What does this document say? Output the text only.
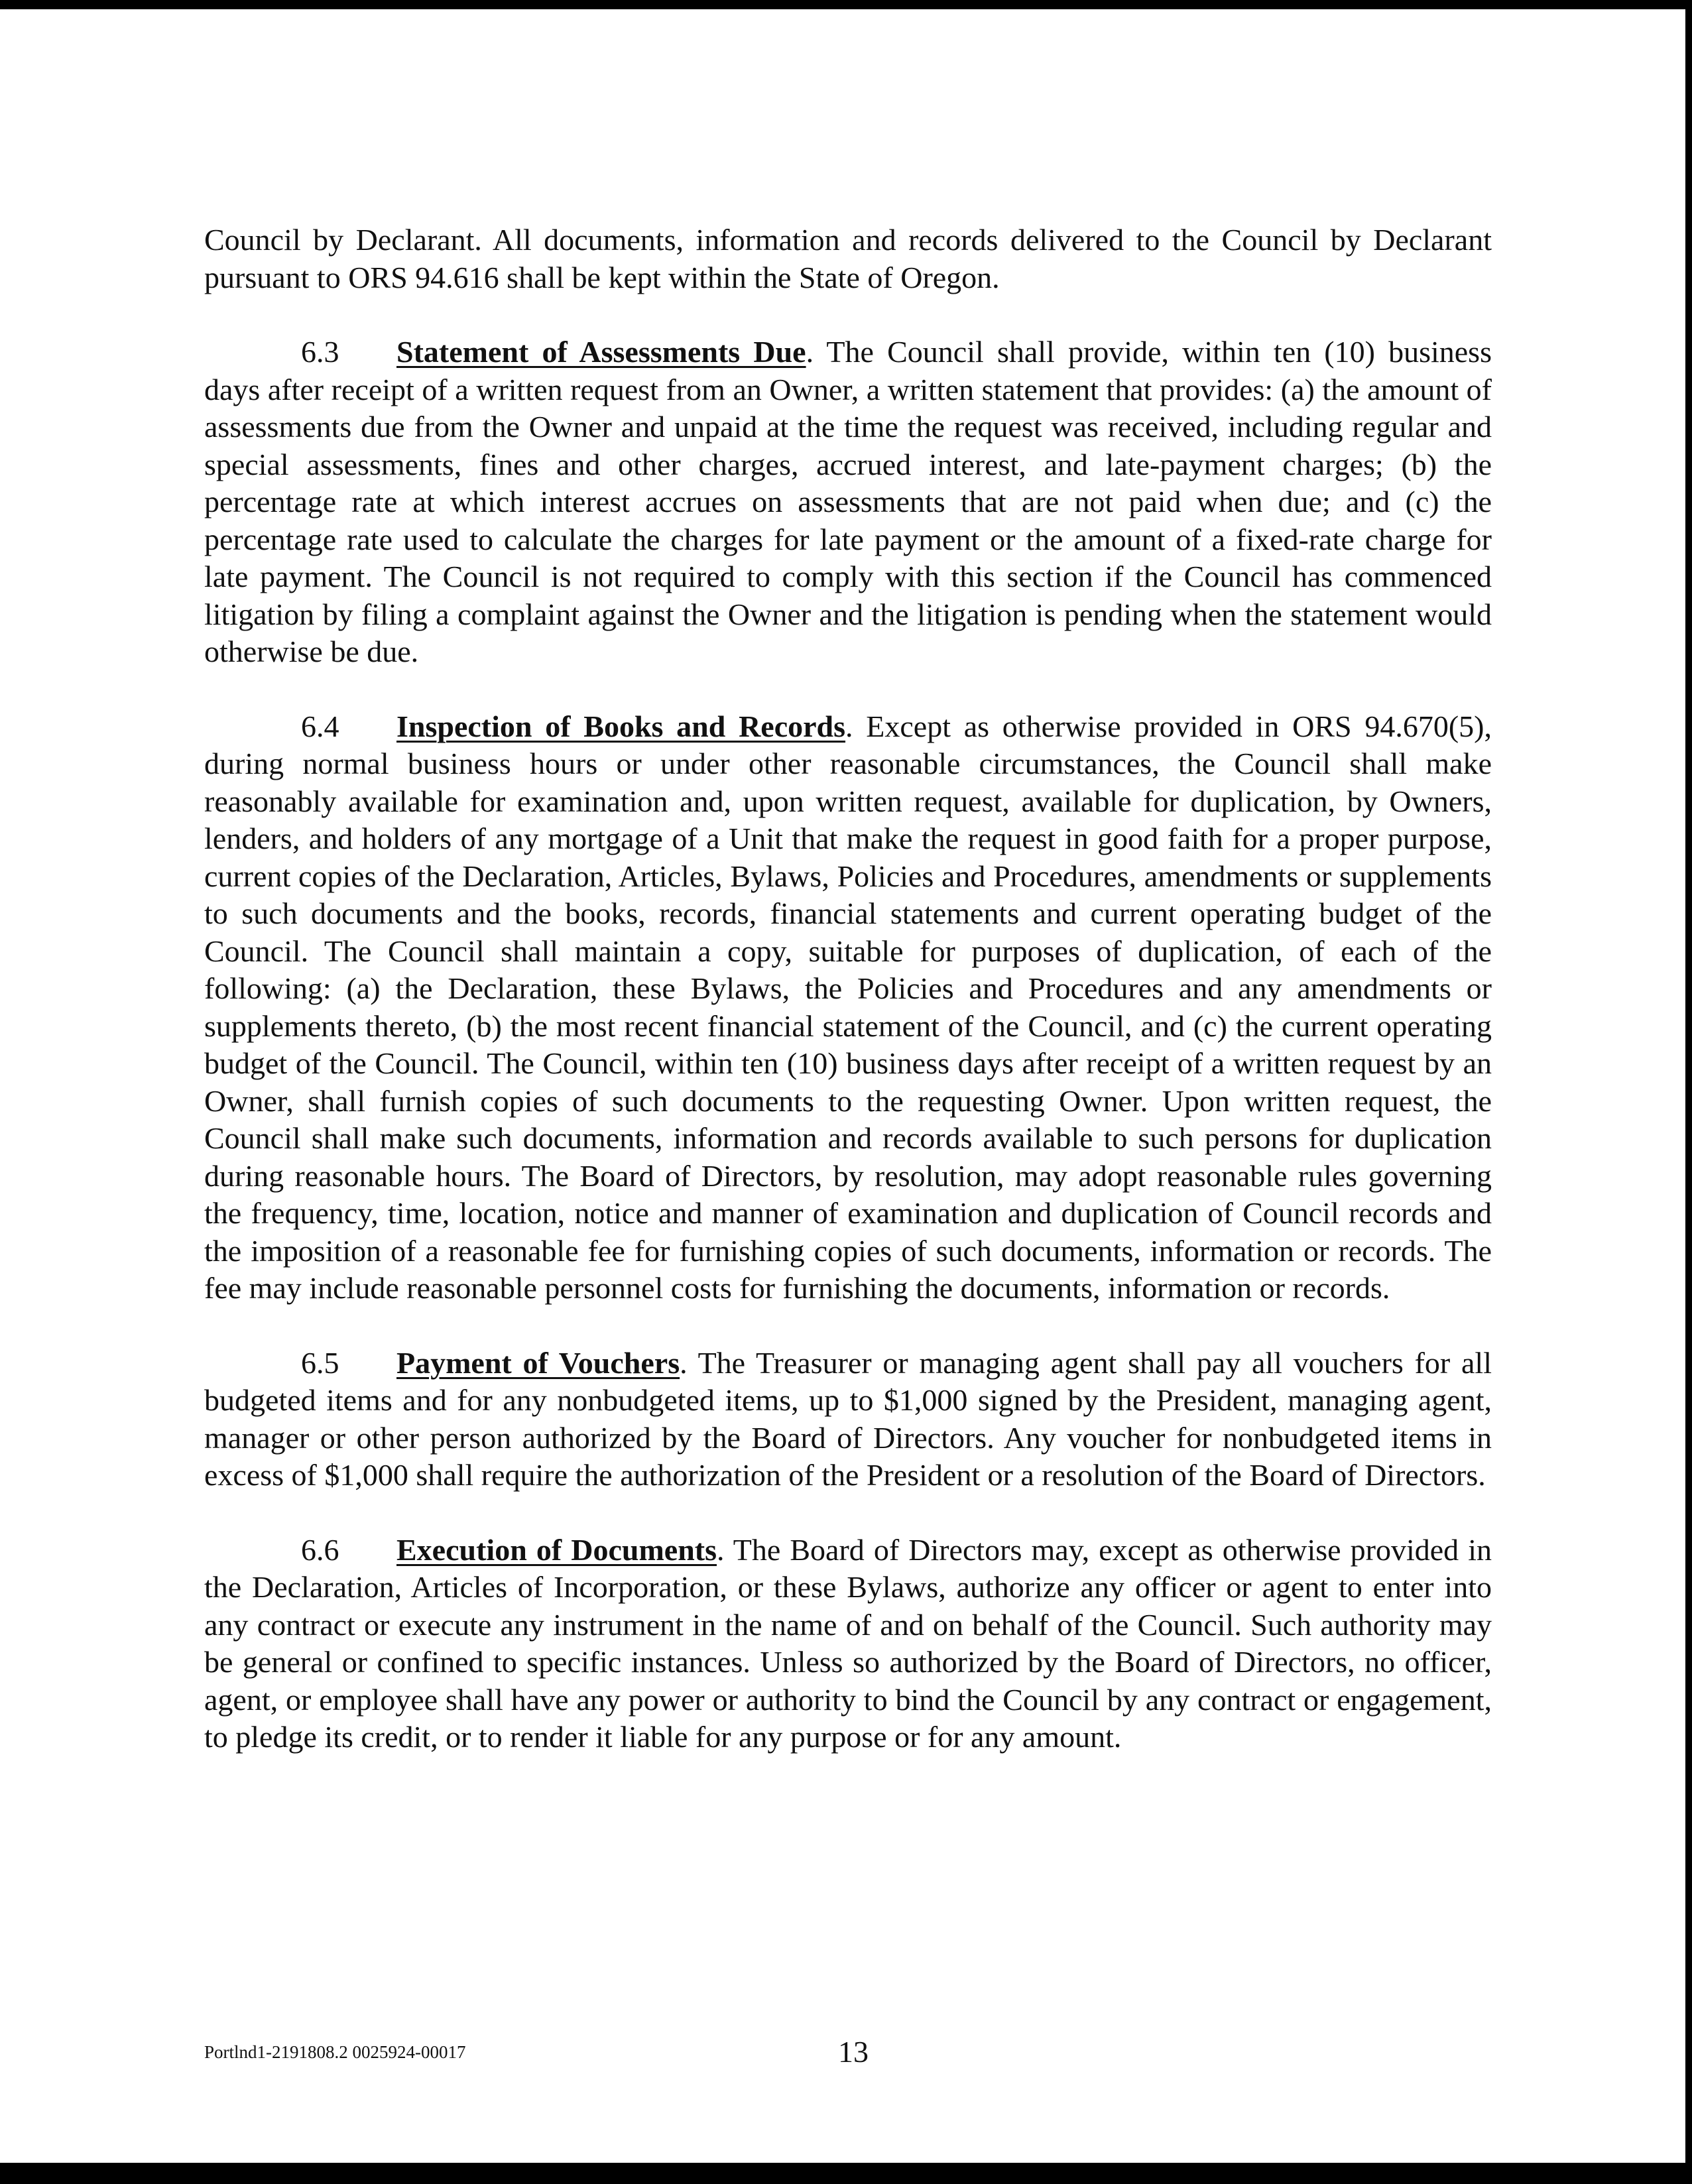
Council by Declarant. All documents, information and records delivered to the Council by Declarant pursuant to ORS 94.616 shall be kept within the State of Oregon.

6.3 Statement of Assessments Due. The Council shall provide, within ten (10) business days after receipt of a written request from an Owner, a written statement that provides: (a) the amount of assessments due from the Owner and unpaid at the time the request was received, including regular and special assessments, fines and other charges, accrued interest, and late-payment charges; (b) the percentage rate at which interest accrues on assessments that are not paid when due; and (c) the percentage rate used to calculate the charges for late payment or the amount of a fixed-rate charge for late payment. The Council is not required to comply with this section if the Council has commenced litigation by filing a complaint against the Owner and the litigation is pending when the statement would otherwise be due.

6.4 Inspection of Books and Records. Except as otherwise provided in ORS 94.670(5), during normal business hours or under other reasonable circumstances, the Council shall make reasonably available for examination and, upon written request, available for duplication, by Owners, lenders, and holders of any mortgage of a Unit that make the request in good faith for a proper purpose, current copies of the Declaration, Articles, Bylaws, Policies and Procedures, amendments or supplements to such documents and the books, records, financial statements and current operating budget of the Council. The Council shall maintain a copy, suitable for purposes of duplication, of each of the following: (a) the Declaration, these Bylaws, the Policies and Procedures and any amendments or supplements thereto, (b) the most recent financial statement of the Council, and (c) the current operating budget of the Council. The Council, within ten (10) business days after receipt of a written request by an Owner, shall furnish copies of such documents to the requesting Owner. Upon written request, the Council shall make such documents, information and records available to such persons for duplication during reasonable hours. The Board of Directors, by resolution, may adopt reasonable rules governing the frequency, time, location, notice and manner of examination and duplication of Council records and the imposition of a reasonable fee for furnishing copies of such documents, information or records. The fee may include reasonable personnel costs for furnishing the documents, information or records.

6.5 Payment of Vouchers. The Treasurer or managing agent shall pay all vouchers for all budgeted items and for any nonbudgeted items, up to $1,000 signed by the President, managing agent, manager or other person authorized by the Board of Directors. Any voucher for nonbudgeted items in excess of $1,000 shall require the authorization of the President or a resolution of the Board of Directors.

6.6 Execution of Documents. The Board of Directors may, except as otherwise provided in the Declaration, Articles of Incorporation, or these Bylaws, authorize any officer or agent to enter into any contract or execute any instrument in the name of and on behalf of the Council. Such authority may be general or confined to specific instances. Unless so authorized by the Board of Directors, no officer, agent, or employee shall have any power or authority to bind the Council by any contract or engagement, to pledge its credit, or to render it liable for any purpose or for any amount.

Portlnd1-2191808.2 0025924-00017	13
